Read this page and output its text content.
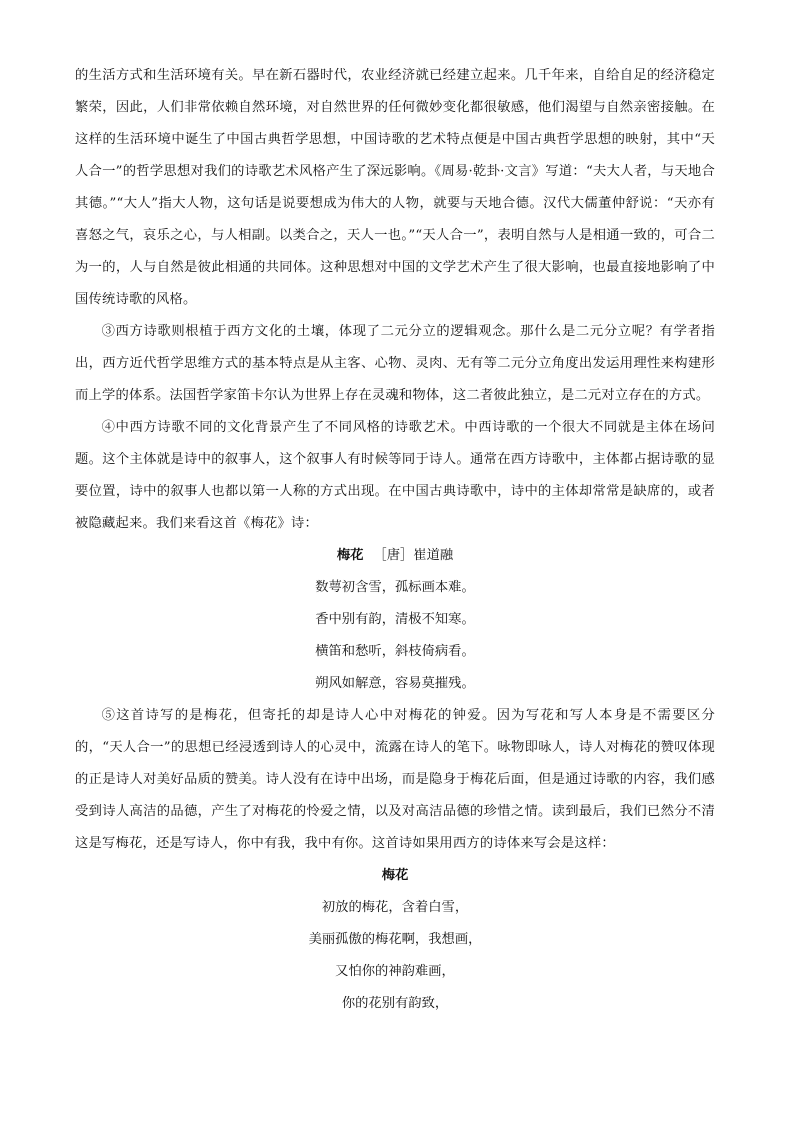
的生活方式和生活环境有关。早在新石器时代，农业经济就已经建立起来。几千年来，自给自足的经济稳定繁荣，因此，人们非常依赖自然环境，对自然世界的任何微妙变化都很敏感，他们渴望与自然亲密接触。在这样的生活环境中诞生了中国古典哲学思想，中国诗歌的艺术特点便是中国古典哲学思想的映射，其中“天人合一”的哲学思想对我们的诗歌艺术风格产生了深远影响。《周易·乾卦·文言》写道：“夫大人者，与天地合其德。”“大人”指大人物，这句话是说要想成为伟大的人物，就要与天地合德。汉代大儒董仲舒说：“天亦有喜怒之气，哀乐之心，与人相副。以类合之，天人一也。”“天人合一”，表明自然与人是相通一致的，可合二为一的，人与自然是彼此相通的共同体。这种思想对中国的文学艺术产生了很大影响，也最直接地影响了中国传统诗歌的风格。

③西方诗歌则根植于西方文化的土壤，体现了二元分立的逻辑观念。那什么是二元分立呢？有学者指出，西方近代哲学思维方式的基本特点是从主客、心物、灵肉、无有等二元分立角度出发运用理性来构建形而上学的体系。法国哲学家笛卡尔认为世界上存在灵魂和物体，这二者彼此独立，是二元对立存在的方式。

④中西方诗歌不同的文化背景产生了不同风格的诗歌艺术。中西诗歌的一个很大不同就是主体在场问题。这个主体就是诗中的叙事人，这个叙事人有时候等同于诗人。通常在西方诗歌中，主体都占据诗歌的显要位置，诗中的叙事人也都以第一人称的方式出现。在中国古典诗歌中，诗中的主体却常常是缺席的，或者被隐藏起来。我们来看这首《梅花》诗：

梅花 ［唐］崔道融
数萼初含雪，孤标画本难。
香中别有韵，清极不知寒。
横笛和愁听，斜枝倚病看。
朔风如解意，容易莫摧残。

⑤这首诗写的是梅花，但寄托的却是诗人心中对梅花的钟爱。因为写花和写人本身是不需要区分的，“天人合一”的思想已经浸透到诗人的心灵中，流露在诗人的笔下。咏物即咏人，诗人对梅花的赞叹体现的正是诗人对美好品质的赞美。诗人没有在诗中出场，而是隐身于梅花后面，但是通过诗歌的内容，我们感受到诗人高洁的品德，产生了对梅花的怜爱之情，以及对高洁品德的珍惜之情。读到最后，我们已然分不清这是写梅花，还是写诗人，你中有我，我中有你。这首诗如果用西方的诗体来写会是这样：

梅花
初放的梅花，含着白雪，
美丽孤傲的梅花啊，我想画，
又怕你的神韵难画，
你的花别有韵致，
